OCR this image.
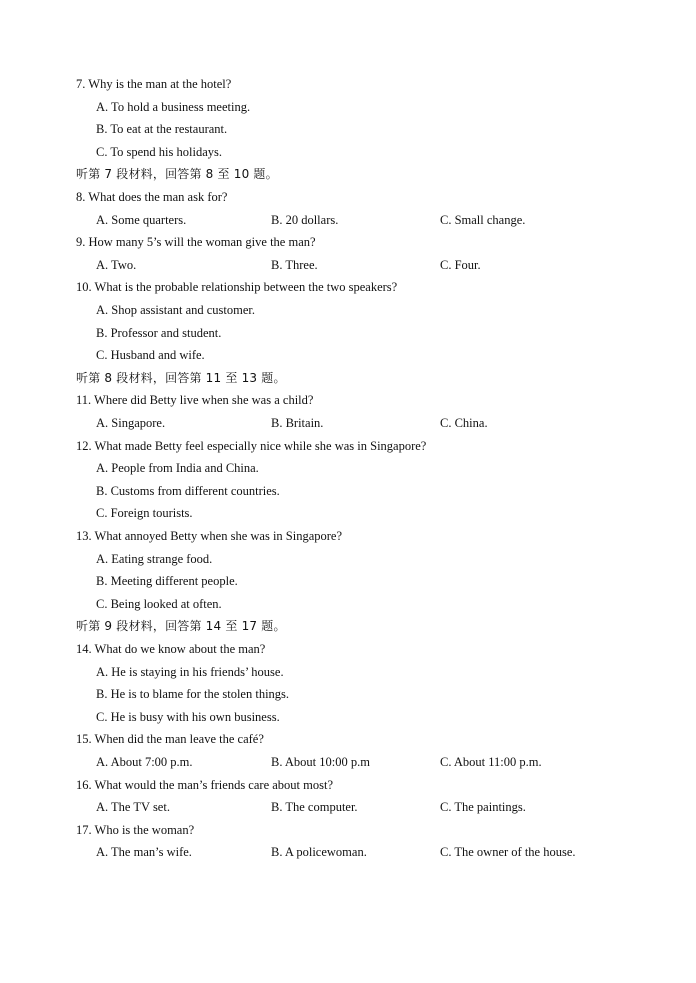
7. Why is the man at the hotel?
A. To hold a business meeting.
B. To eat at the restaurant.
C. To spend his holidays.
听第 7 段材料，回答第 8 至 10 题。
8. What does the man ask for?
A. Some quarters.	B. 20 dollars.	C. Small change.
9. How many 5’s will the woman give the man?
A. Two.	B. Three.	C. Four.
10. What is the probable relationship between the two speakers?
A. Shop assistant and customer.
B. Professor and student.
C. Husband and wife.
听第 8 段材料，回答第 11 至 13 题。
11. Where did Betty live when she was a child?
A. Singapore.	B. Britain.	C. China.
12. What made Betty feel especially nice while she was in Singapore?
A. People from India and China.
B. Customs from different countries.
C. Foreign tourists.
13. What annoyed Betty when she was in Singapore?
A. Eating strange food.
B. Meeting different people.
C. Being looked at often.
听第 9 段材料，回答第 14 至 17 题。
14. What do we know about the man?
A. He is staying in his friends’ house.
B. He is to blame for the stolen things.
C. He is busy with his own business.
15. When did the man leave the café?
A. About 7:00 p.m.	B. About 10:00 p.m	C. About 11:00 p.m.
16. What would the man’s friends care about most?
A. The TV set.	B. The computer.	C. The paintings.
17. Who is the woman?
A. The man’s wife.	B. A policewoman.	C. The owner of the house.
